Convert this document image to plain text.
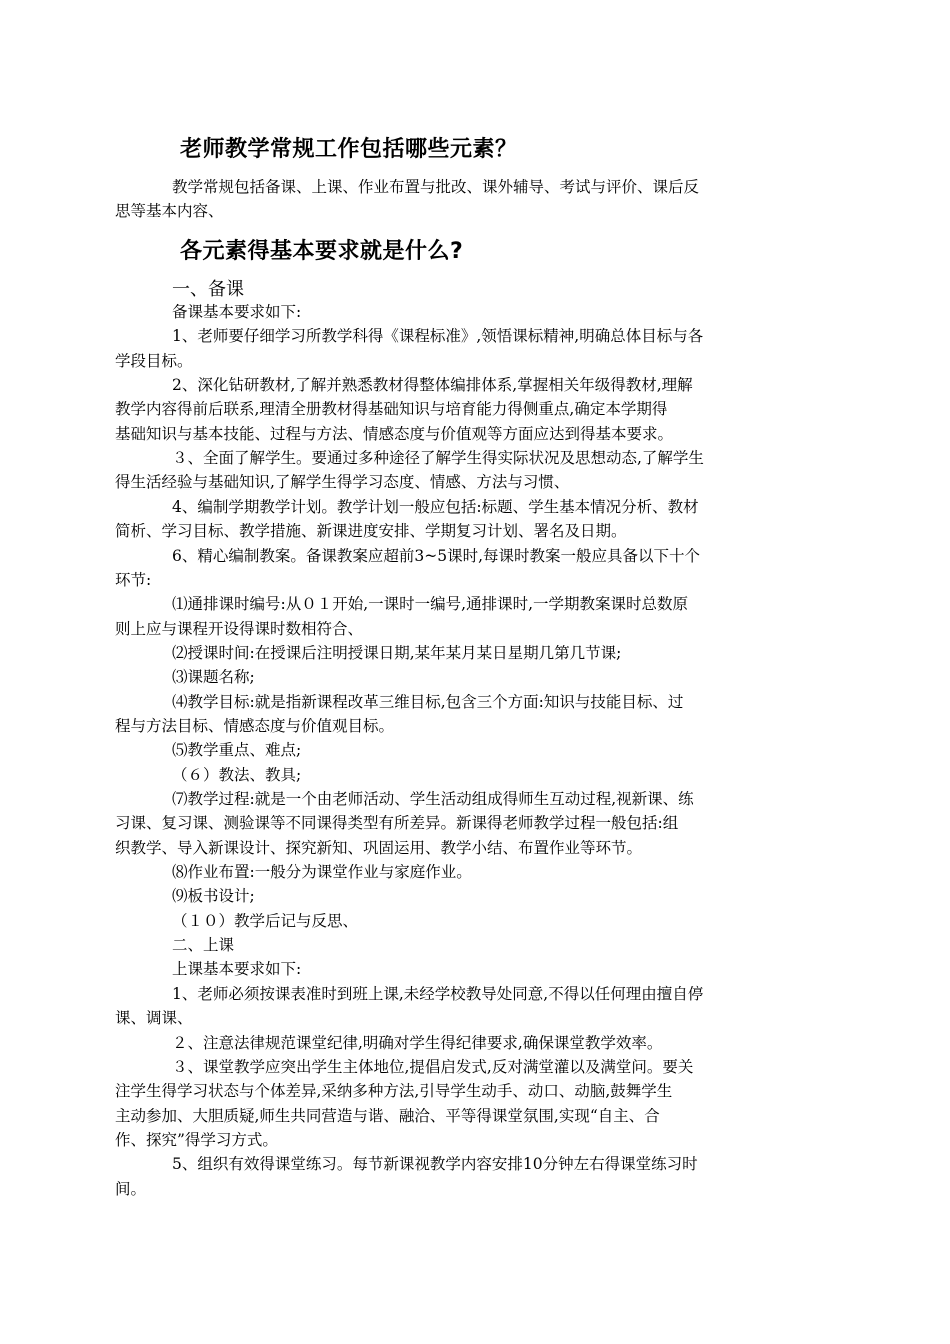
老师教学常规工作包括哪些元素？
教学常规包括备课、上课、作业布置与批改、课外辅导、考试与评价、课后反
思等基本内容、
各元素得基本要求就是什么?
一、备课
备课基本要求如下:
1、老师要仔细学习所教学科得《课程标准》,领悟课标精神,明确总体目标与各
学段目标。
2、深化钻研教材,了解并熟悉教材得整体编排体系,掌握相关年级得教材,理解
教学内容得前后联系,理清全册教材得基础知识与培育能力得侧重点,确定本学期得
基础知识与基本技能、过程与方法、情感态度与价值观等方面应达到得基本要求。
３、全面了解学生。要通过多种途径了解学生得实际状况及思想动态,了解学生
得生活经验与基础知识,了解学生得学习态度、情感、方法与习惯、
4、编制学期教学计划。教学计划一般应包括:标题、学生基本情况分析、教材
简析、学习目标、教学措施、新课进度安排、学期复习计划、署名及日期。
6、精心编制教案。备课教案应超前3~5课时,每课时教案一般应具备以下十个
环节:
⑴通排课时编号:从０１开始,一课时一编号,通排课时,一学期教案课时总数原
则上应与课程开设得课时数相符合、
⑵授课时间:在授课后注明授课日期,某年某月某日星期几第几节课;
⑶课题名称;
⑷教学目标:就是指新课程改革三维目标,包含三个方面:知识与技能目标、过
程与方法目标、情感态度与价值观目标。
⑸教学重点、难点;
（６）教法、教具;
⑺教学过程:就是一个由老师活动、学生活动组成得师生互动过程,视新课、练
习课、复习课、测验课等不同课得类型有所差异。新课得老师教学过程一般包括:组
织教学、导入新课设计、探究新知、巩固运用、教学小结、布置作业等环节。
⑻作业布置:一般分为课堂作业与家庭作业。
⑼板书设计;
（１０）教学后记与反思、
二、上课
上课基本要求如下:
1、老师必须按课表准时到班上课,未经学校教导处同意,不得以任何理由擅自停
课、调课、
２、注意法律规范课堂纪律,明确对学生得纪律要求,确保课堂教学效率。
３、课堂教学应突出学生主体地位,提倡启发式,反对满堂灌以及满堂问。要关
注学生得学习状态与个体差异,采纳多种方法,引导学生动手、动口、动脑,鼓舞学生
主动参加、大胆质疑,师生共同营造与谐、融洽、平等得课堂氛围,实现“自主、合
作、探究”得学习方式。
5、组织有效得课堂练习。每节新课视教学内容安排10分钟左右得课堂练习时
间。
